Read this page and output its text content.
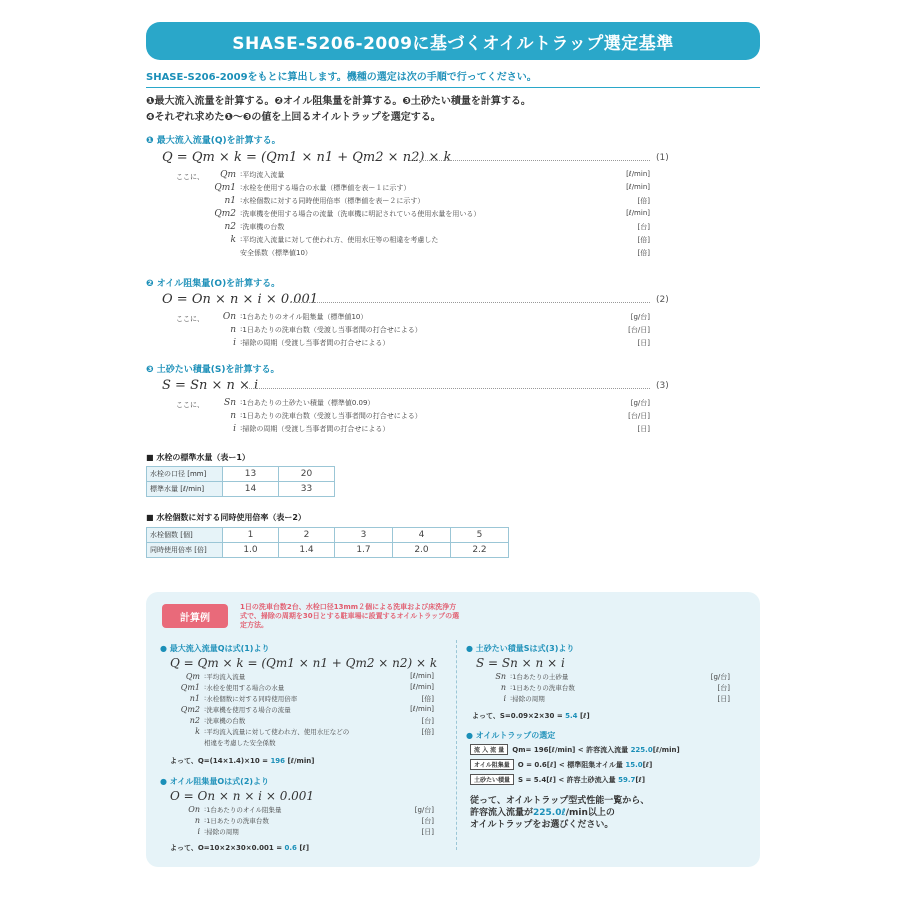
SHASE-S206-2009に基づくオイルトラップ選定基準
SHASE-S206-2009をもとに算出します。機種の選定は次の手順で行ってください。
❶最大流入流量を計算する。❷オイル阻集量を計算する。❸土砂たい積量を計算する。
❹それぞれ求めた❶〜❸の値を上回るオイルトラップを選定する。
❶ 最大流入流量(Q)を計算する。
Q = Qm × k = (Qm1 × n1 + Qm2 × n2) × k	(1)
ここに、	Qm : 平均流入流量	[ℓ/min]
Qm1 : 水栓を使用する場合の水量（標準値を表ー１に示す）	[ℓ/min]
n1 : 水栓個数に対する同時使用倍率（標準値を表ー２に示す）	[倍]
Qm2 : 洗車機を使用する場合の流量（洗車機に明記されている使用水量を用いる）	[ℓ/min]
n2 : 洗車機の台数	[台]
k : 平均流入流量に対して使われ方、使用水圧等の相違を考慮した	[倍]
安全係数（標準値10）	[倍]
❷ オイル阻集量(O)を計算する。
O = On × n × i × 0.001	(2)
ここに、	On : 1台あたりのオイル阻集量（標準値10）	[g/台]
n : 1日あたりの洗車台数（受渡し当事者間の打合せによる）	[台/日]
i : 掃除の周期（受渡し当事者間の打合せによる）	[日]
❸ 土砂たい積量(S)を計算する。
S = Sn × n × i	(3)
ここに、	Sn : 1台あたりの土砂たい積量（標準値0.09）	[g/台]
n : 1日あたりの洗車台数（受渡し当事者間の打合せによる）	[台/日]
i : 掃除の周期（受渡し当事者間の打合せによる）	[日]
■ 水栓の標準水量（表ー1）
水栓の口径 [mm]	13	20
標準水量 [ℓ/min]	14	33
■ 水栓個数に対する同時使用倍率（表ー2）
水栓個数 [個]	1	2	3	4	5
同時使用倍率 [倍]	1.0	1.4	1.7	2.0	2.2
計算例
1日の洗車台数2台、水栓口径13mm２個による洗車および床洗浄方式で、掃除の周期を30日とする駐車場に設置するオイルトラップの選定方法。
● 最大流入流量Qは式(1)より
Q = Qm × k = (Qm1 × n1 + Qm2 × n2) × k
Qm : 平均流入流量	[ℓ/min]
Qm1 : 水栓を使用する場合の水量	[ℓ/min]
n1 : 水栓個数に対する同時使用倍率	[倍]
Qm2 : 洗車機を使用する場合の流量	[ℓ/min]
n2 : 洗車機の台数	[台]
k : 平均流入流量に対して使われ方、使用水圧などの	[倍]
相違を考慮した安全係数
よって、Q=(14×1.4)×10 = 196 [ℓ/min]
● オイル阻集量Oは式(2)より
O = On × n × i × 0.001
On : 1台あたりのオイル阻集量	[g/台]
n : 1日あたりの洗車台数	[台]
i : 掃除の周期	[日]
よって、O=10×2×30×0.001 = 0.6 [ℓ]
● 土砂たい積量Sは式(3)より
S = Sn × n × i
Sn : 1台あたりの土砂量	[g/台]
n : 1日あたりの洗車台数	[台]
i : 掃除の周期	[日]
よって、S=0.09×2×30 = 5.4 [ℓ]
● オイルトラップの選定
流 入 流 量 Qm= 196[ℓ/min] < 許容流入流量 225.0[ℓ/min]
オイル阻集量 O = 0.6[ℓ] < 標準阻集オイル量 15.0[ℓ]
土砂たい積量 S = 5.4[ℓ] < 許容土砂流入量 59.7[ℓ]
従って、オイルトラップ型式性能一覧から、
許容流入流量が225.0ℓ/min以上の
オイルトラップをお選びください。
